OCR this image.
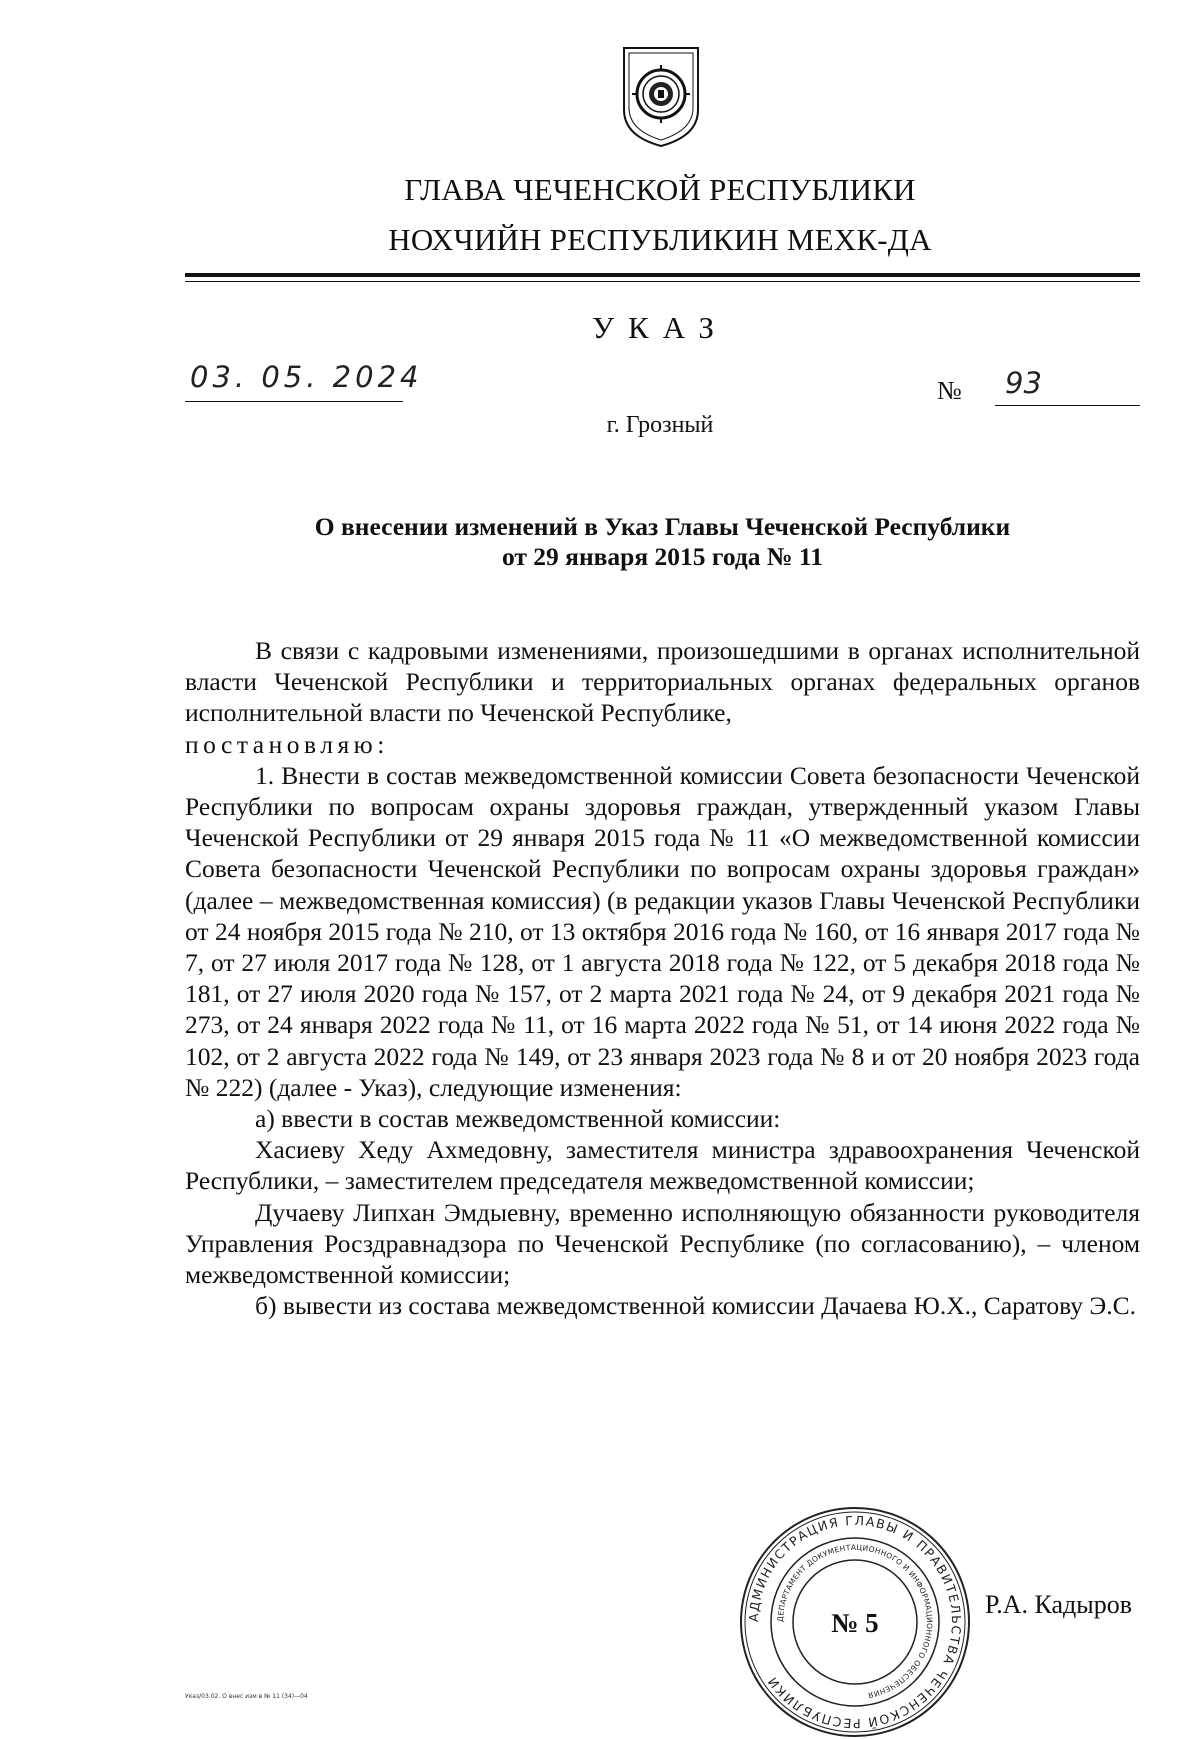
ГЛАВА ЧЕЧЕНСКОЙ РЕСПУБЛИКИ
НОХЧИЙН РЕСПУБЛИКИН МЕХК-ДА
УКАЗ
03. 05. 2024	№ 93
г. Грозный
О внесении изменений в Указ Главы Чеченской Республики
от 29 января 2015 года № 11

В связи с кадровыми изменениями, произошедшими в органах исполнительной власти Чеченской Республики и территориальных органах федеральных органов исполнительной власти по Чеченской Республике,
постановляю:

1. Внести в состав межведомственной комиссии Совета безопасности Чеченской Республики по вопросам охраны здоровья граждан, утвержденный указом Главы Чеченской Республики от 29 января 2015 года № 11 «О межведомственной комиссии Совета безопасности Чеченской Республики по вопросам охраны здоровья граждан» (далее – межведомственная комиссия) (в редакции указов Главы Чеченской Республики от 24 ноября 2015 года № 210, от 13 октября 2016 года № 160, от 16 января 2017 года № 7, от 27 июля 2017 года № 128, от 1 августа 2018 года № 122, от 5 декабря 2018 года № 181, от 27 июля 2020 года № 157, от 2 марта 2021 года № 24, от 9 декабря 2021 года № 273, от 24 января 2022 года № 11, от 16 марта 2022 года № 51, от 14 июня 2022 года № 102, от 2 августа 2022 года № 149, от 23 января 2023 года № 8 и от 20 ноября 2023 года № 222) (далее - Указ), следующие изменения:

а) ввести в состав межведомственной комиссии:

Хасиеву Хеду Ахмедовну, заместителя министра здравоохранения Чеченской Республики, – заместителем председателя межведомственной комиссии;

Дучаеву Липхан Эмдыевну, временно исполняющую обязанности руководителя Управления Росздравнадзора по Чеченской Республике (по согласованию), – членом межведомственной комиссии;

б) вывести из состава межведомственной комиссии Дачаева Ю.Х., Саратову Э.С.

АДМИНИСТРАЦИЯ ГЛАВЫ И ПРАВИТЕЛЬСТВА ЧЕЧЕНСКОЙ РЕСПУБЛИКИ
ДЕПАРТАМЕНТ ДОКУМЕНТАЦИОННОГО И ИНФОРМАЦИОННОГО ОБЕСПЕЧЕНИЯ
№ 5
Р.А. Кадыров
Указ/03.02. О внес изм в № 11 (34)—04
